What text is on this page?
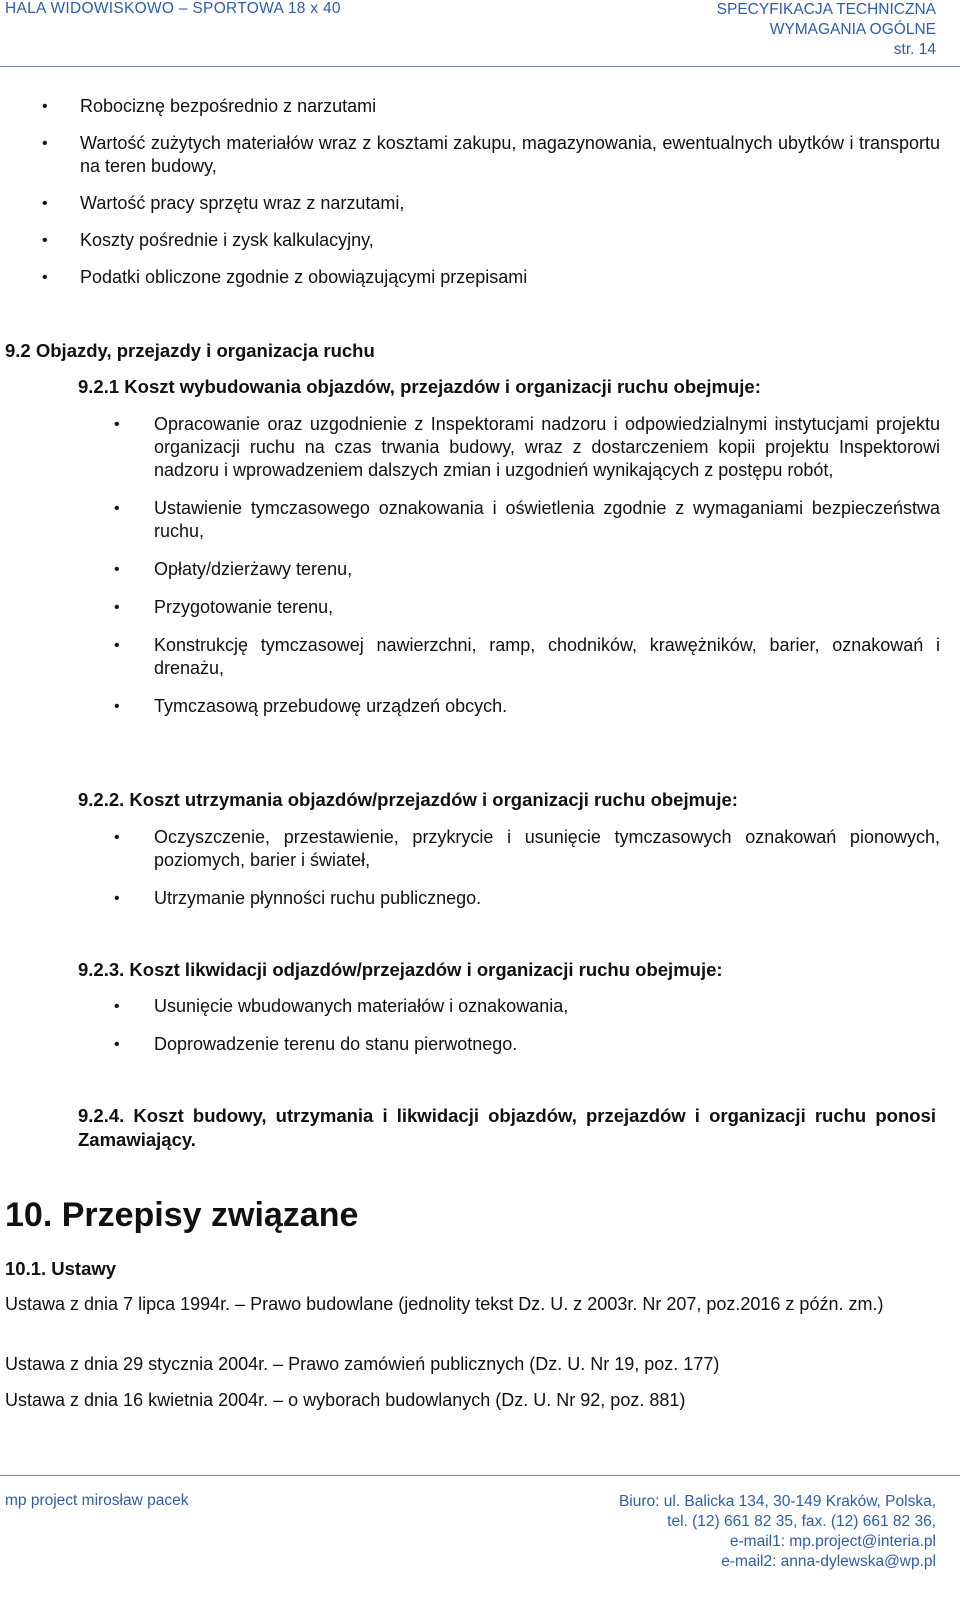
HALA WIDOWISKOWO – SPORTOWA 18 x 40	SPECYFIKACJA TECHNICZNA
WYMAGANIA OGÓLNE
str. 14
• Robociznę bezpośrednio z narzutami
• Wartość zużytych materiałów wraz z kosztami zakupu, magazynowania, ewentualnych ubytków i transportu na teren budowy,
• Wartość pracy sprzętu wraz z narzutami,
• Koszty pośrednie i zysk kalkulacyjny,
• Podatki obliczone zgodnie z obowiązującymi przepisami
9.2 Objazdy, przejazdy i organizacja ruchu
9.2.1 Koszt wybudowania objazdów, przejazdów i organizacji ruchu obejmuje:
• Opracowanie oraz uzgodnienie z Inspektorami nadzoru i odpowiedzialnymi instytucjami projektu organizacji ruchu na czas trwania budowy, wraz z dostarczeniem kopii projektu Inspektorowi nadzoru i wprowadzeniem dalszych zmian i uzgodnień wynikających z postępu robót,
• Ustawienie tymczasowego oznakowania i oświetlenia zgodnie z wymaganiami bezpieczeństwa ruchu,
• Opłaty/dzierżawy terenu,
• Przygotowanie terenu,
• Konstrukcję tymczasowej nawierzchni, ramp, chodników, krawężników, barier, oznakowań i drenażu,
• Tymczasową przebudowę urządzeń obcych.
9.2.2. Koszt utrzymania objazdów/przejazdów i organizacji ruchu obejmuje:
• Oczyszczenie, przestawienie, przykrycie i usunięcie tymczasowych oznakowań pionowych, poziomych, barier i świateł,
• Utrzymanie płynności ruchu publicznego.
9.2.3. Koszt likwidacji odjazdów/przejazdów i organizacji ruchu obejmuje:
• Usunięcie wbudowanych materiałów i oznakowania,
• Doprowadzenie terenu do stanu pierwotnego.
9.2.4. Koszt budowy, utrzymania i likwidacji objazdów, przejazdów i organizacji ruchu ponosi Zamawiający.
10. Przepisy związane
10.1. Ustawy
Ustawa z dnia 7 lipca 1994r. – Prawo budowlane (jednolity tekst Dz. U. z 2003r. Nr 207, poz.2016 z późn. zm.)
Ustawa z dnia 29 stycznia 2004r. – Prawo zamówień publicznych (Dz. U. Nr 19, poz. 177)
Ustawa z dnia 16 kwietnia 2004r. – o wyborach budowlanych (Dz. U. Nr 92, poz. 881)
mp project mirosław pacek	Biuro: ul. Balicka 134, 30-149 Kraków, Polska,
tel. (12) 661 82 35, fax. (12) 661 82 36,
e-mail1: mp.project@interia.pl
e-mail2: anna-dylewska@wp.pl
